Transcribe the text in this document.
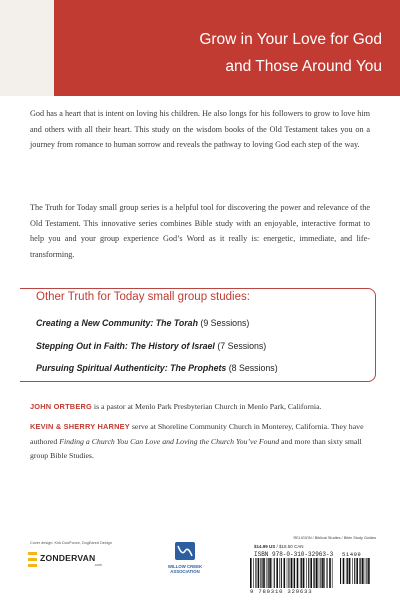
Grow in Your Love for God
and Those Around You

God has a heart that is intent on loving his children. He also longs for his followers to grow to love him and others with all their heart. This study on the wisdom books of the Old Testament takes you on a journey from romance to human sorrow and reveals the pathway to loving God each step of the way.

The Truth for Today small group series is a helpful tool for discovering the power and relevance of the Old Testament. This innovative series combines Bible study with an enjoyable, interactive format to help you and your group experience God’s Word as it really is: energetic, immediate, and life-transforming.

Other Truth for Today small group studies:
Creating a New Community: The Torah (9 Sessions)
Stepping Out in Faith: The History of Israel (7 Sessions)
Pursuing Spiritual Authenticity: The Prophets (8 Sessions)

JOHN ORTBERG is a pastor at Menlo Park Presbyterian Church in Menlo Park, California.

KEVIN & SHERRY HARNEY serve at Shoreline Community Church in Monterey, California. They have authored Finding a Church You Can Love and Loving the Church You’ve Found and more than sixty small group Bible Studies.

Cover design: Kirk DouPonce, DogEared Design
ZONDERVAN
.com	WILLOW CREEK
ASSOCIATION
RELIGION / Biblical Studies / Bible Study Guides
$14.99 US / $18.50 CAN
ISBN 978-0-310-32963-3
9 780310 329633
51499
